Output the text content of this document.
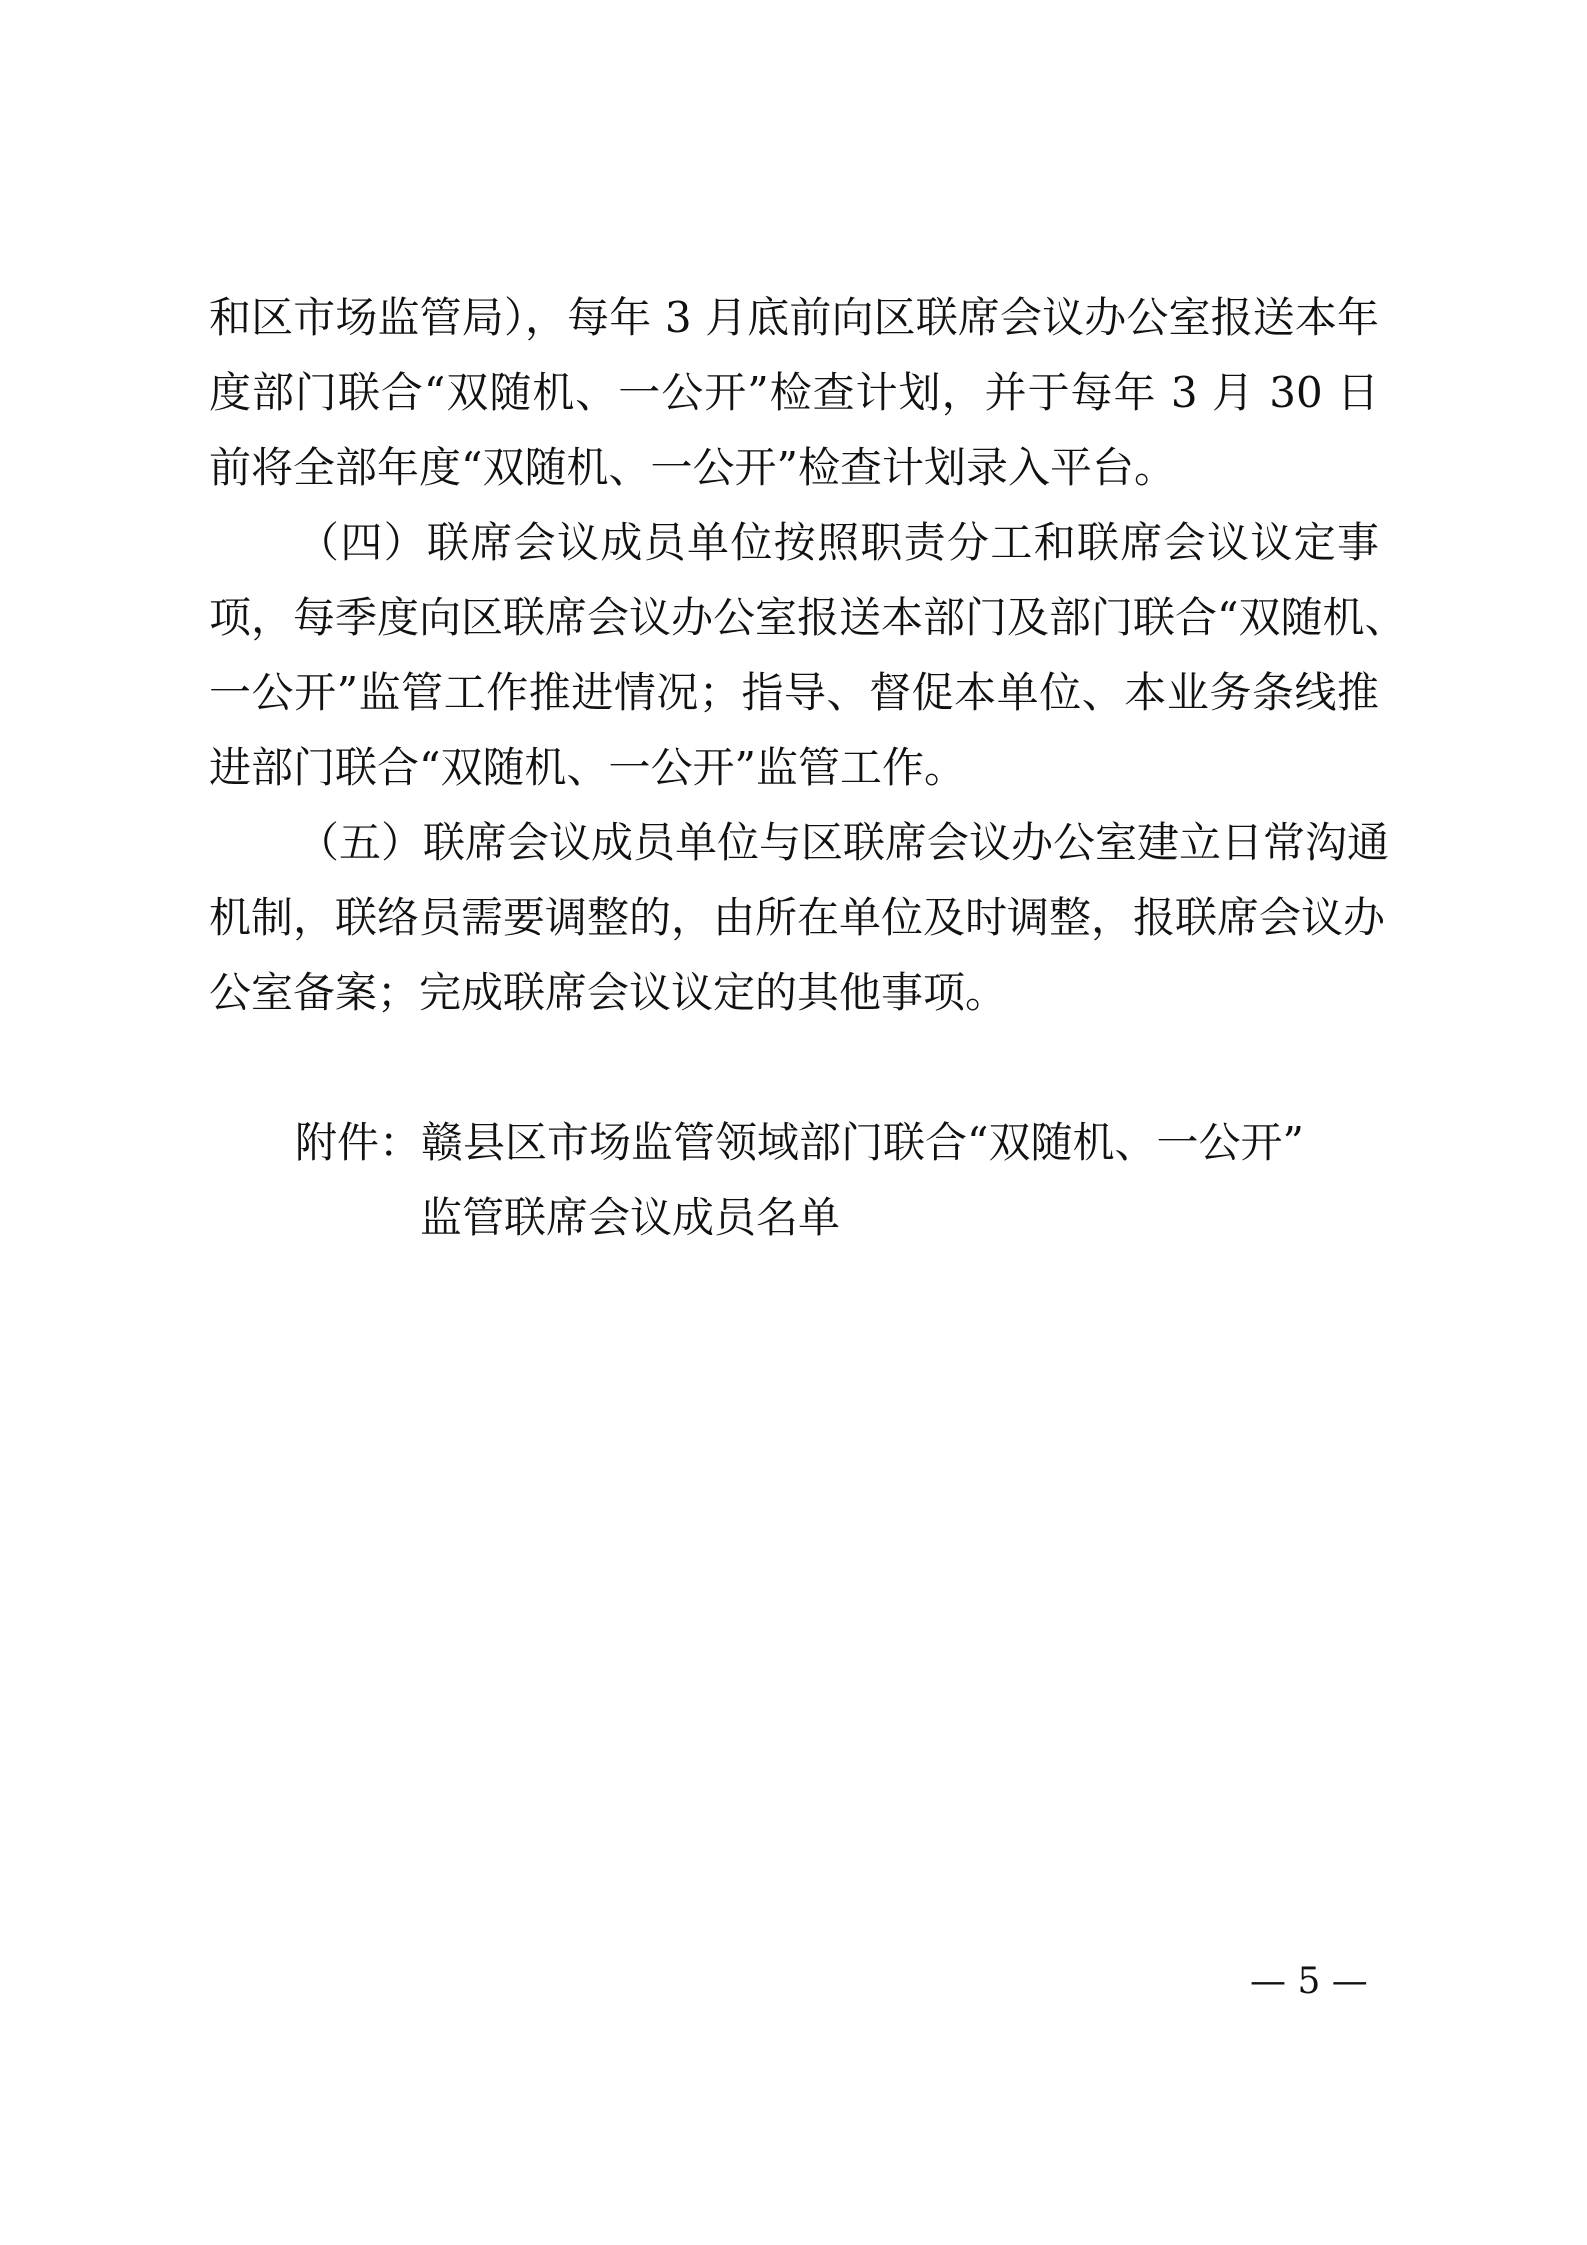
和区市场监管局），每年 3 月底前向区联席会议办公室报送本年
度部门联合“双随机、一公开”检查计划，并于每年 3 月 30 日
前将全部年度“双随机、一公开”检查计划录入平台。
（四）联席会议成员单位按照职责分工和联席会议议定事
项，每季度向区联席会议办公室报送本部门及部门联合“双随机、
一公开”监管工作推进情况；指导、督促本单位、本业务条线推
进部门联合“双随机、一公开”监管工作。
（五）联席会议成员单位与区联席会议办公室建立日常沟通
机制，联络员需要调整的，由所在单位及时调整，报联席会议办
公室备案；完成联席会议议定的其他事项。
附件：赣县区市场监管领域部门联合“双随机、一公开”
监管联席会议成员名单
— 5 —
